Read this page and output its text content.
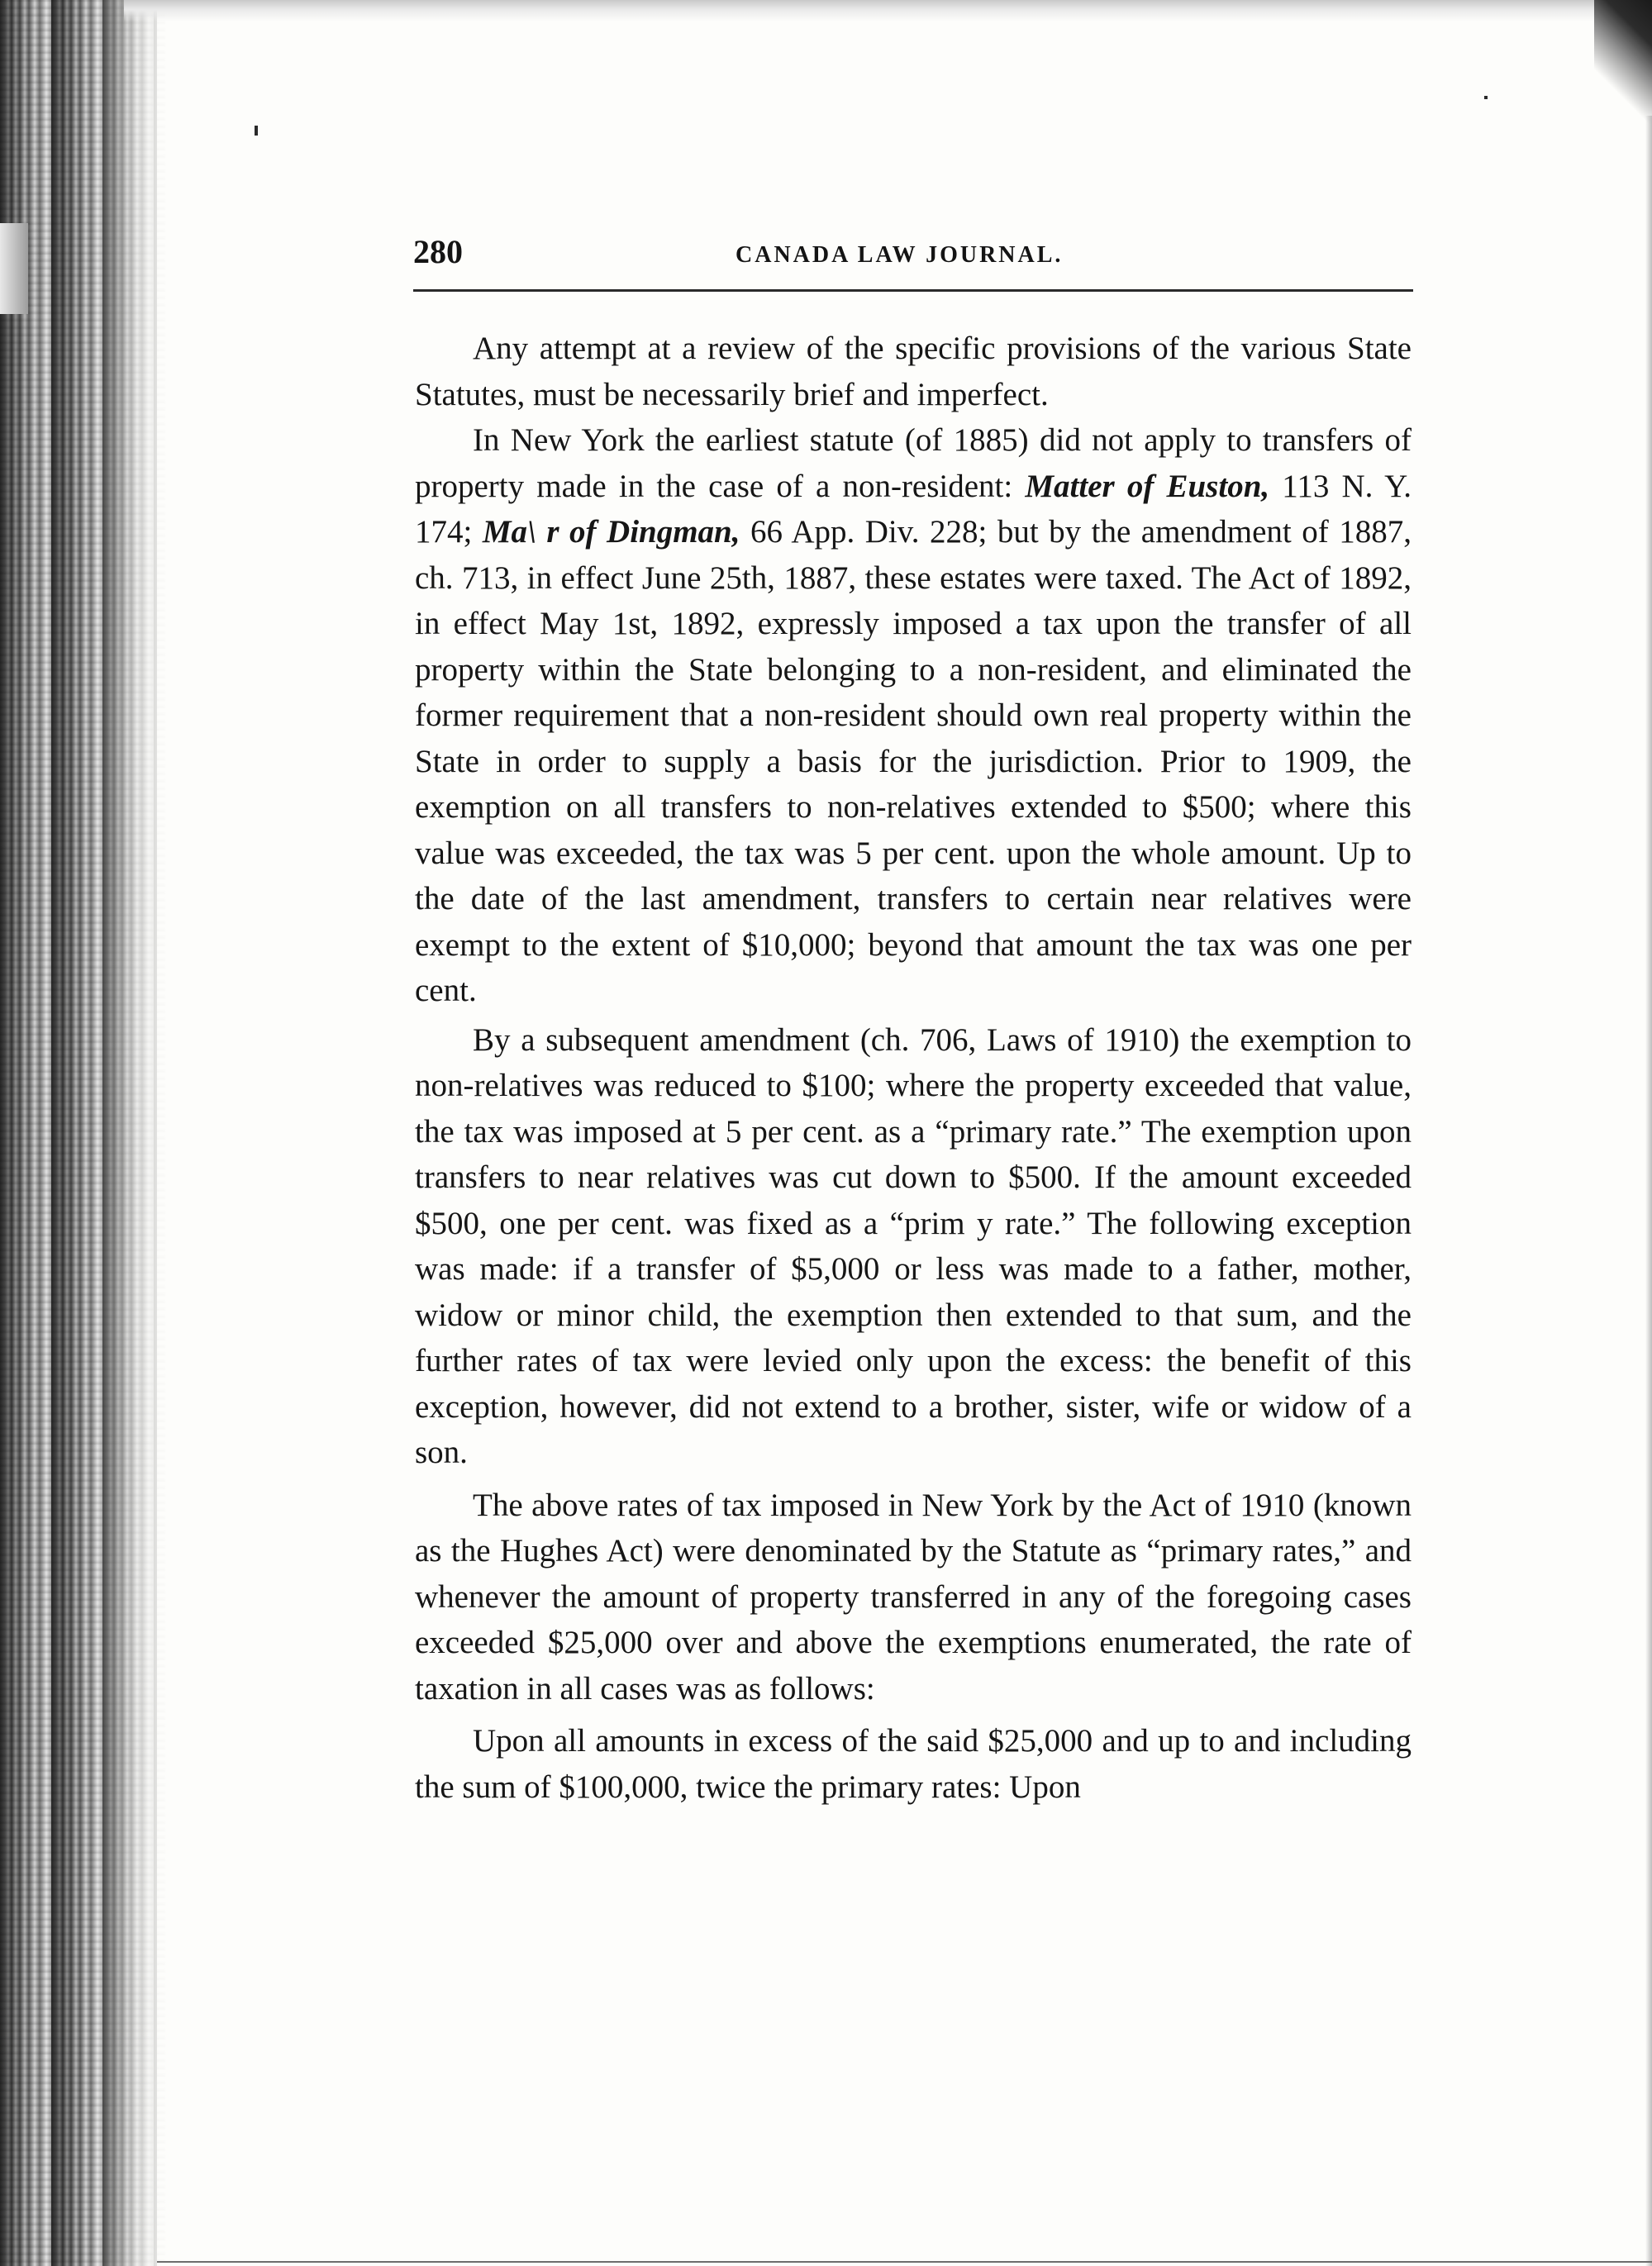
280	CANADA LAW JOURNAL.

Any attempt at a review of the specific provisions of the various State Statutes, must be necessarily brief and imperfect.

In New York the earliest statute (of 1885) did not apply to transfers of property made in the case of a non-resident: Matter of Euston, 113 N. Y. 174; Ma\ r of Dingman, 66 App. Div. 228; but by the amendment of 1887, ch. 713, in effect June 25th, 1887, these estates were taxed. The Act of 1892, in effect May 1st, 1892, expressly imposed a tax upon the transfer of all property within the State belonging to a non-resident, and eliminated the former requirement that a non-resident should own real property within the State in order to supply a basis for the jurisdiction. Prior to 1909, the exemption on all transfers to non-relatives extended to $500; where this value was exceeded, the tax was 5 per cent. upon the whole amount. Up to the date of the last amendment, transfers to certain near relatives were exempt to the extent of $10,000; beyond that amount the tax was one per cent.

By a subsequent amendment (ch. 706, Laws of 1910) the exemption to non-relatives was reduced to $100; where the property exceeded that value, the tax was imposed at 5 per cent. as a “primary rate.” The exemption upon transfers to near relatives was cut down to $500. If the amount exceeded $500, one per cent. was fixed as a “prim y rate.” The following exception was made: if a transfer of $5,000 or less was made to a father, mother, widow or minor child, the exemption then extended to that sum, and the further rates of tax were levied only upon the excess: the benefit of this exception, however, did not extend to a brother, sister, wife or widow of a son.

The above rates of tax imposed in New York by the Act of 1910 (known as the Hughes Act) were denominated by the Statute as “primary rates,” and whenever the amount of property transferred in any of the foregoing cases exceeded $25,000 over and above the exemptions enumerated, the rate of taxation in all cases was as follows:

Upon all amounts in excess of the said $25,000 and up to and including the sum of $100,000, twice the primary rates: Upon
